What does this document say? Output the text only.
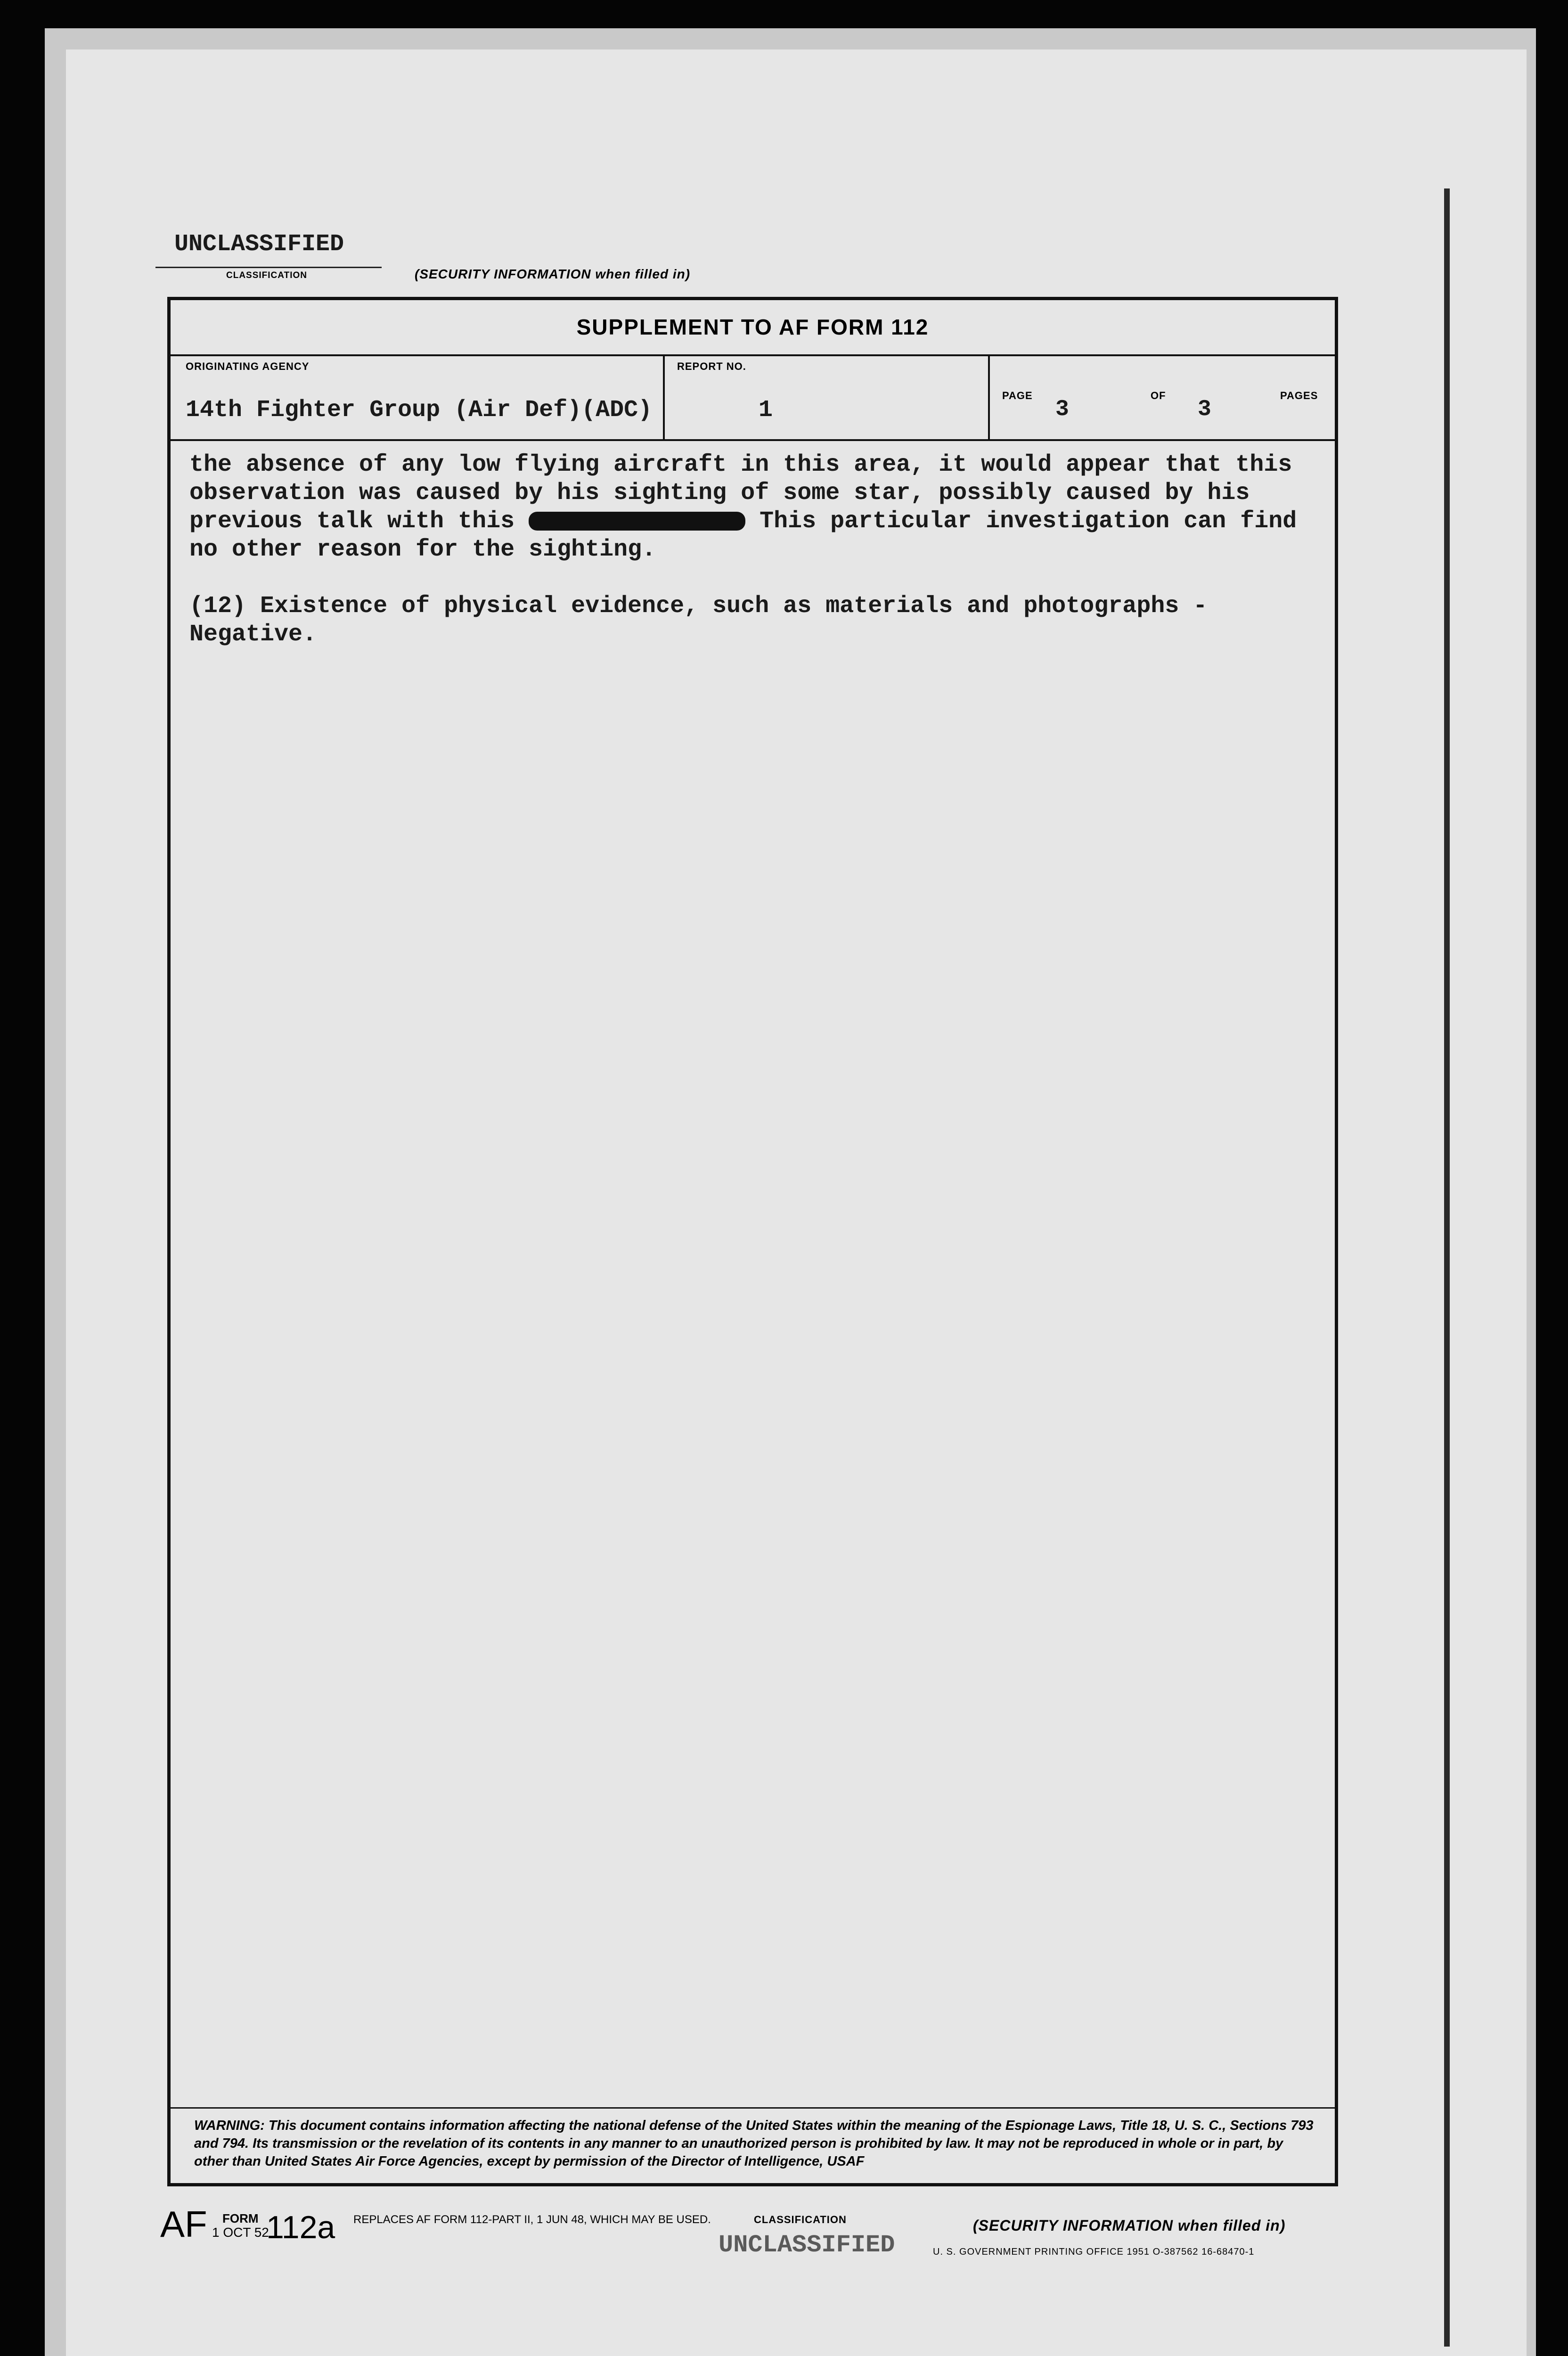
UNCLASSIFIED
CLASSIFICATION	(SECURITY INFORMATION when filled in)
SUPPLEMENT TO AF FORM 112
ORIGINATING AGENCY
14th Fighter Group (Air Def)(ADC)
REPORT NO.
1
PAGE
3
OF
3
PAGES

the absence of any low flying aircraft in this area, it would appear that this
observation was caused by his sighting of some star, possibly caused by his
previous talk with this	This particular investigation can find
no other reason for the sighting.

(12) Existence of physical evidence, such as materials and photographs -
Negative.

WARNING: This document contains information affecting the national defense of the United States within the meaning of the Espionage Laws, Title 18, U. S. C., Sections 793 and 794. Its transmission or the revelation of its contents in any manner to an unauthorized person is prohibited by law. It may not be reproduced in whole or in part, by other than United States Air Force Agencies, except by permission of the Director of Intelligence, USAF

AF FORM
1 OCT 52
112a REPLACES AF FORM 112-PART II, 1 JUN 48, WHICH MAY BE USED.	CLASSIFICATION
UNCLASSIFIED
(SECURITY INFORMATION when filled in)
U. S. GOVERNMENT PRINTING OFFICE 1951 O-387562 16-68470-1
